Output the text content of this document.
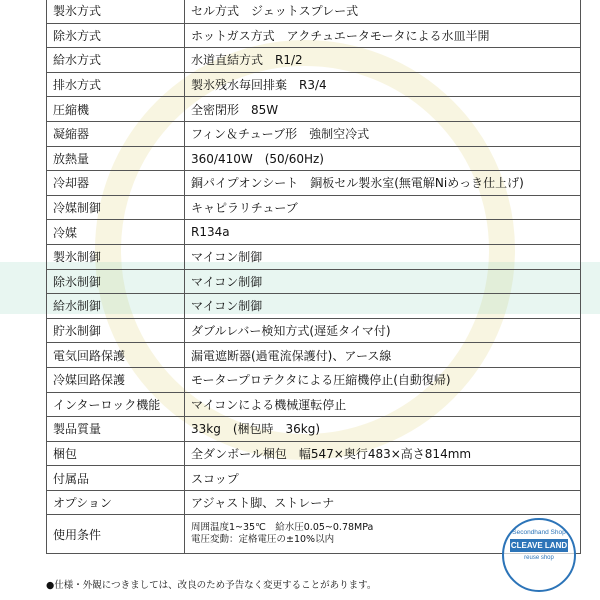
製氷方式	セル方式　ジェットスプレー式
除氷方式	ホットガス方式　アクチュエータモータによる水皿半開
給水方式	水道直結方式　R1/2
排水方式	製氷残水毎回排棄　R3/4
圧縮機	全密閉形　85W
凝縮器	フィン＆チューブ形　強制空冷式
放熱量	360/410W　(50/60Hz)
冷却器	銅パイプオンシート　銅板セル製氷室(無電解Niめっき仕上げ)
冷媒制御	キャピラリチューブ
冷媒	R134a
製氷制御	マイコン制御
除氷制御	マイコン制御
給水制御	マイコン制御
貯氷制御	ダブルレバー検知方式(遅延タイマ付)
電気回路保護	漏電遮断器(過電流保護付)、アース線
冷媒回路保護	モータープロテクタによる圧縮機停止(自動復帰)
インターロック機能	マイコンによる機械運転停止
製品質量	33kg　(梱包時　36kg)
梱包	全ダンボール梱包　幅547×奥行483×高さ814mm
付属品	スコップ
オプション	アジャスト脚、ストレーナ
使用条件	周囲温度1~35℃　給水圧0.05~0.78MPa
電圧変動：定格電圧の±10%以内
●仕様・外観につきましては、改良のため予告なく変更することがあります。
Secondhand Shop
CLEAVE LAND
reuse shop
